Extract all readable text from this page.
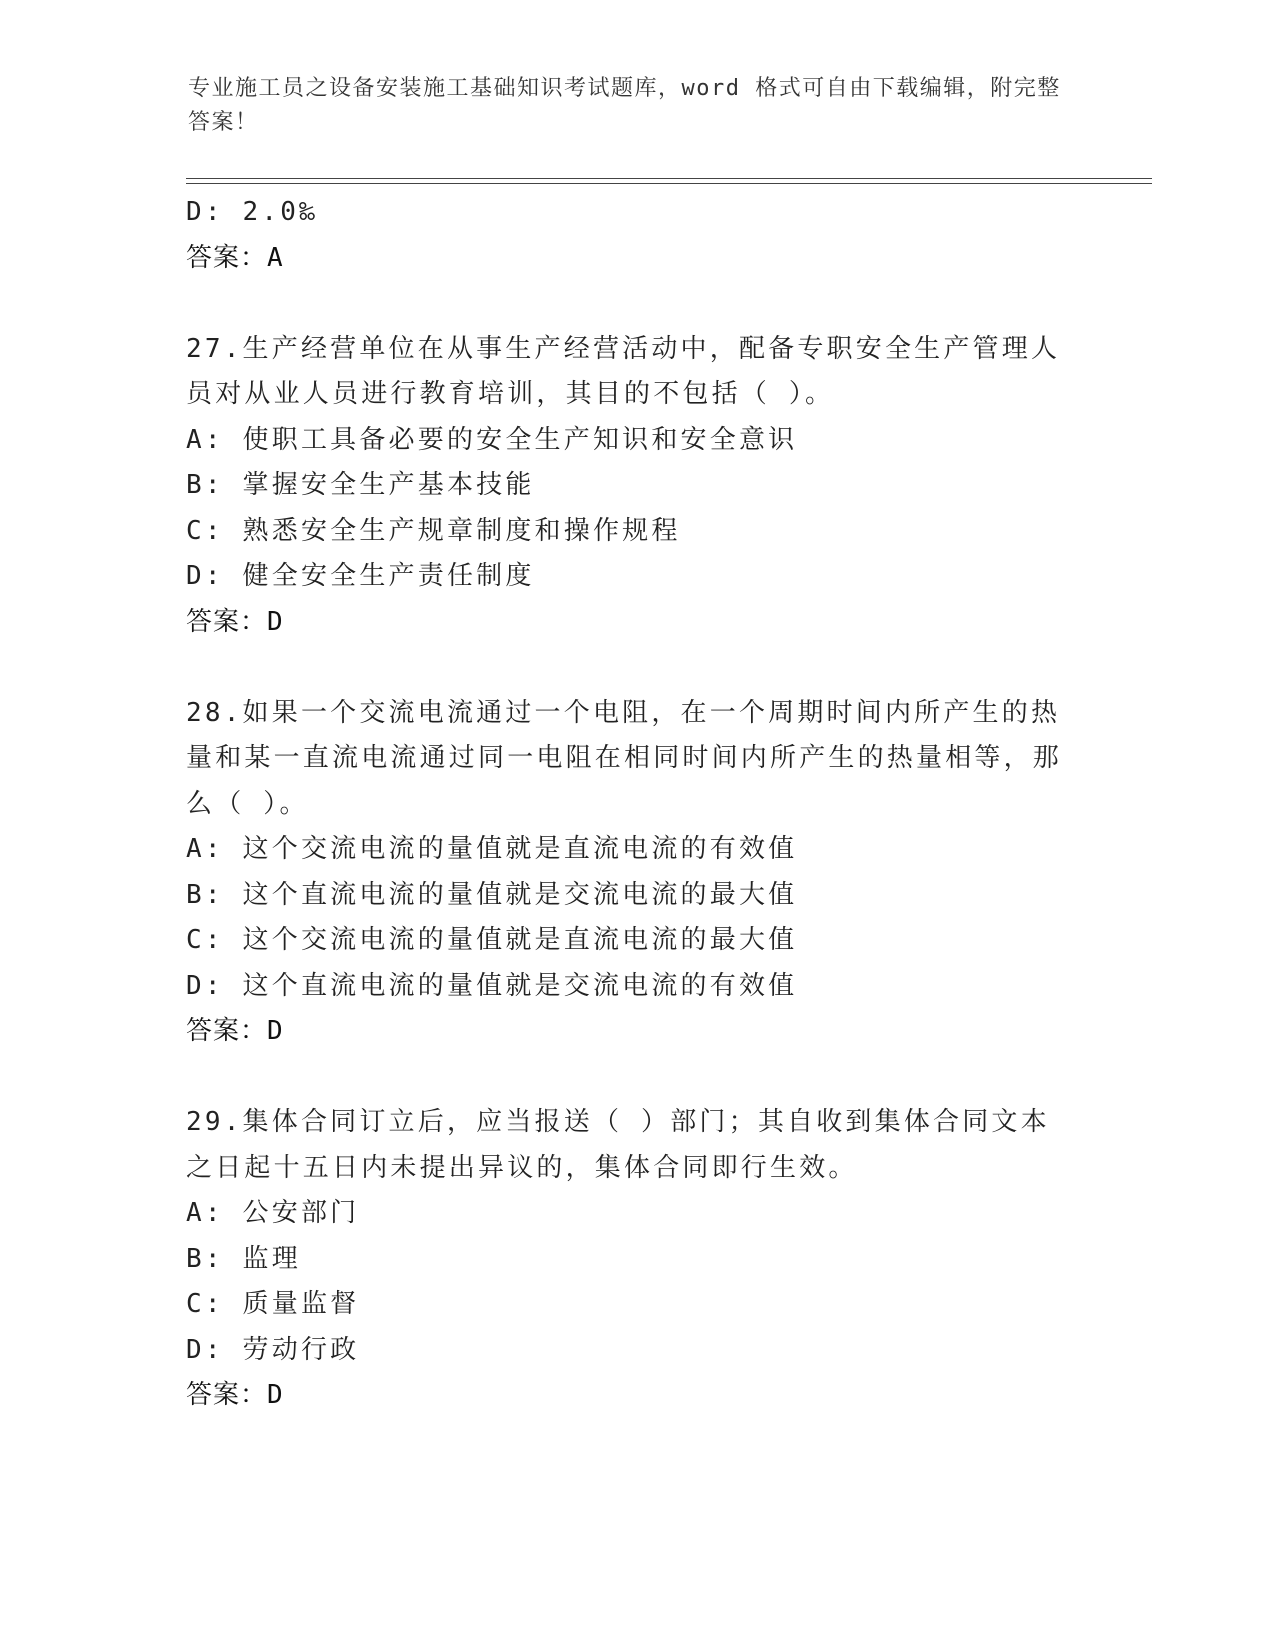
专业施工员之设备安装施工基础知识考试题库，word 格式可自由下载编辑，附完整答案！
D: 2.0‰
答案：A
27.生产经营单位在从事生产经营活动中，配备专职安全生产管理人员对从业人员进行教育培训，其目的不包括（ ）。
A: 使职工具备必要的安全生产知识和安全意识
B: 掌握安全生产基本技能
C: 熟悉安全生产规章制度和操作规程
D: 健全安全生产责任制度
答案：D
28.如果一个交流电流通过一个电阻，在一个周期时间内所产生的热量和某一直流电流通过同一电阻在相同时间内所产生的热量相等，那么（ ）。
A: 这个交流电流的量值就是直流电流的有效值
B: 这个直流电流的量值就是交流电流的最大值
C: 这个交流电流的量值就是直流电流的最大值
D: 这个直流电流的量值就是交流电流的有效值
答案：D
29.集体合同订立后，应当报送（ ）部门；其自收到集体合同文本之日起十五日内未提出异议的，集体合同即行生效。
A: 公安部门
B: 监理
C: 质量监督
D: 劳动行政
答案：D
